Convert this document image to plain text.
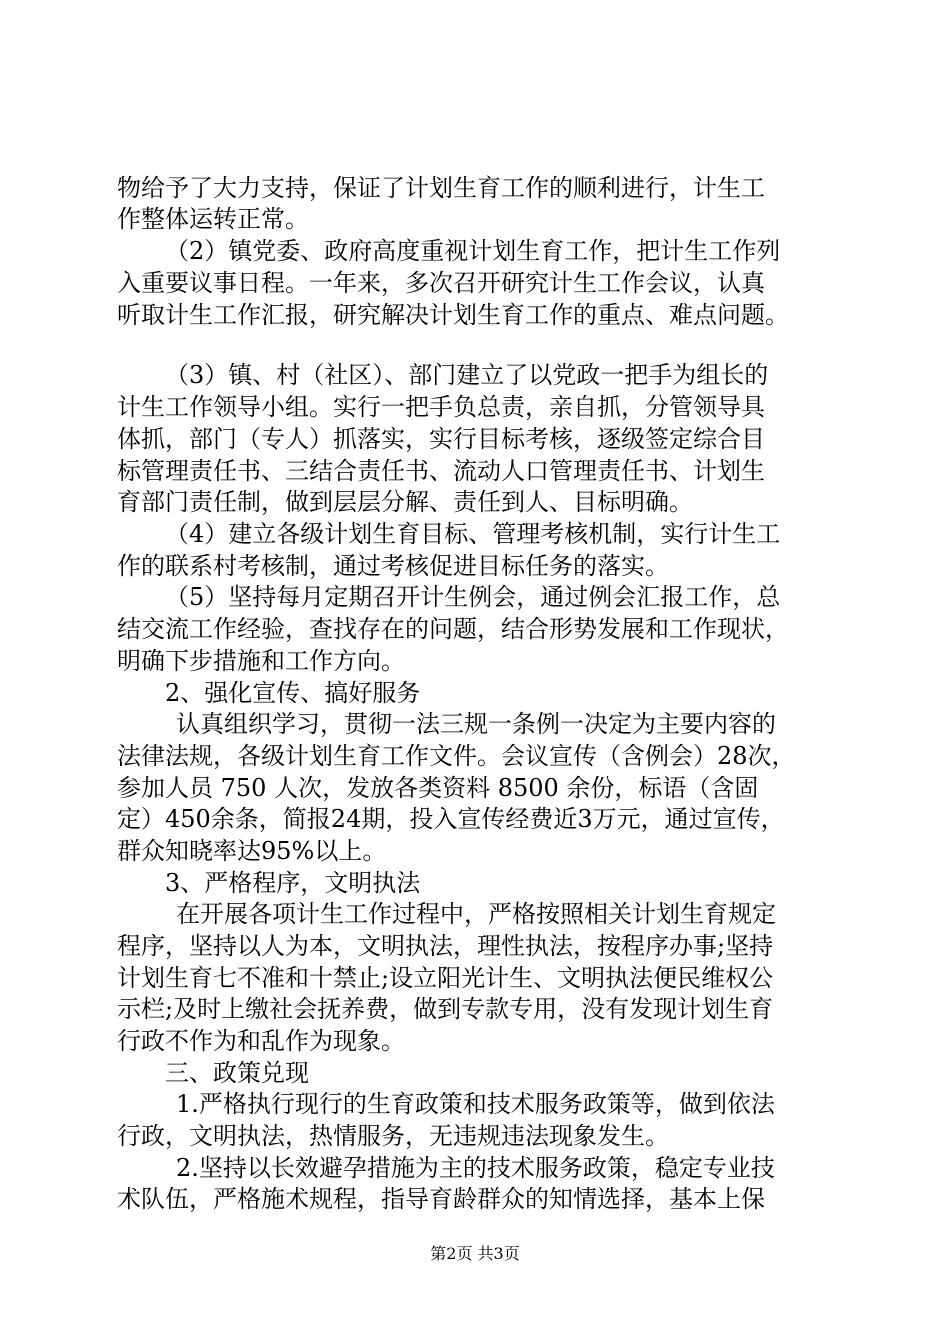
物给予了大力支持，保证了计划生育工作的顺利进行，计生工
作整体运转正常。
（2）镇党委、政府高度重视计划生育工作，把计生工作列
入重要议事日程。一年来，多次召开研究计生工作会议，认真
听取计生工作汇报，研究解决计划生育工作的重点、难点问题。
（3）镇、村（社区）、部门建立了以党政一把手为组长的
计生工作领导小组。实行一把手负总责，亲自抓，分管领导具
体抓，部门（专人）抓落实，实行目标考核，逐级签定综合目
标管理责任书、三结合责任书、流动人口管理责任书、计划生
育部门责任制，做到层层分解、责任到人、目标明确。
（4）建立各级计划生育目标、管理考核机制，实行计生工
作的联系村考核制，通过考核促进目标任务的落实。
（5）坚持每月定期召开计生例会，通过例会汇报工作，总
结交流工作经验，查找存在的问题，结合形势发展和工作现状，
明确下步措施和工作方向。
2、强化宣传、搞好服务
认真组织学习，贯彻一法三规一条例一决定为主要内容的
法律法规，各级计划生育工作文件。会议宣传（含例会）28次，
参加人员 750 人次，发放各类资料 8500 余份，标语（含固
定）450余条，简报24期，投入宣传经费近3万元，通过宣传，
群众知晓率达95%以上。
3、严格程序，文明执法
在开展各项计生工作过程中，严格按照相关计划生育规定
程序，坚持以人为本，文明执法，理性执法，按程序办事;坚持
计划生育七不准和十禁止;设立阳光计生、文明执法便民维权公
示栏;及时上缴社会抚养费，做到专款专用，没有发现计划生育
行政不作为和乱作为现象。
三、政策兑现
1.严格执行现行的生育政策和技术服务政策等，做到依法
行政，文明执法，热情服务，无违规违法现象发生。
2.坚持以长效避孕措施为主的技术服务政策，稳定专业技
术队伍，严格施术规程，指导育龄群众的知情选择，基本上保
第2页 共3页
